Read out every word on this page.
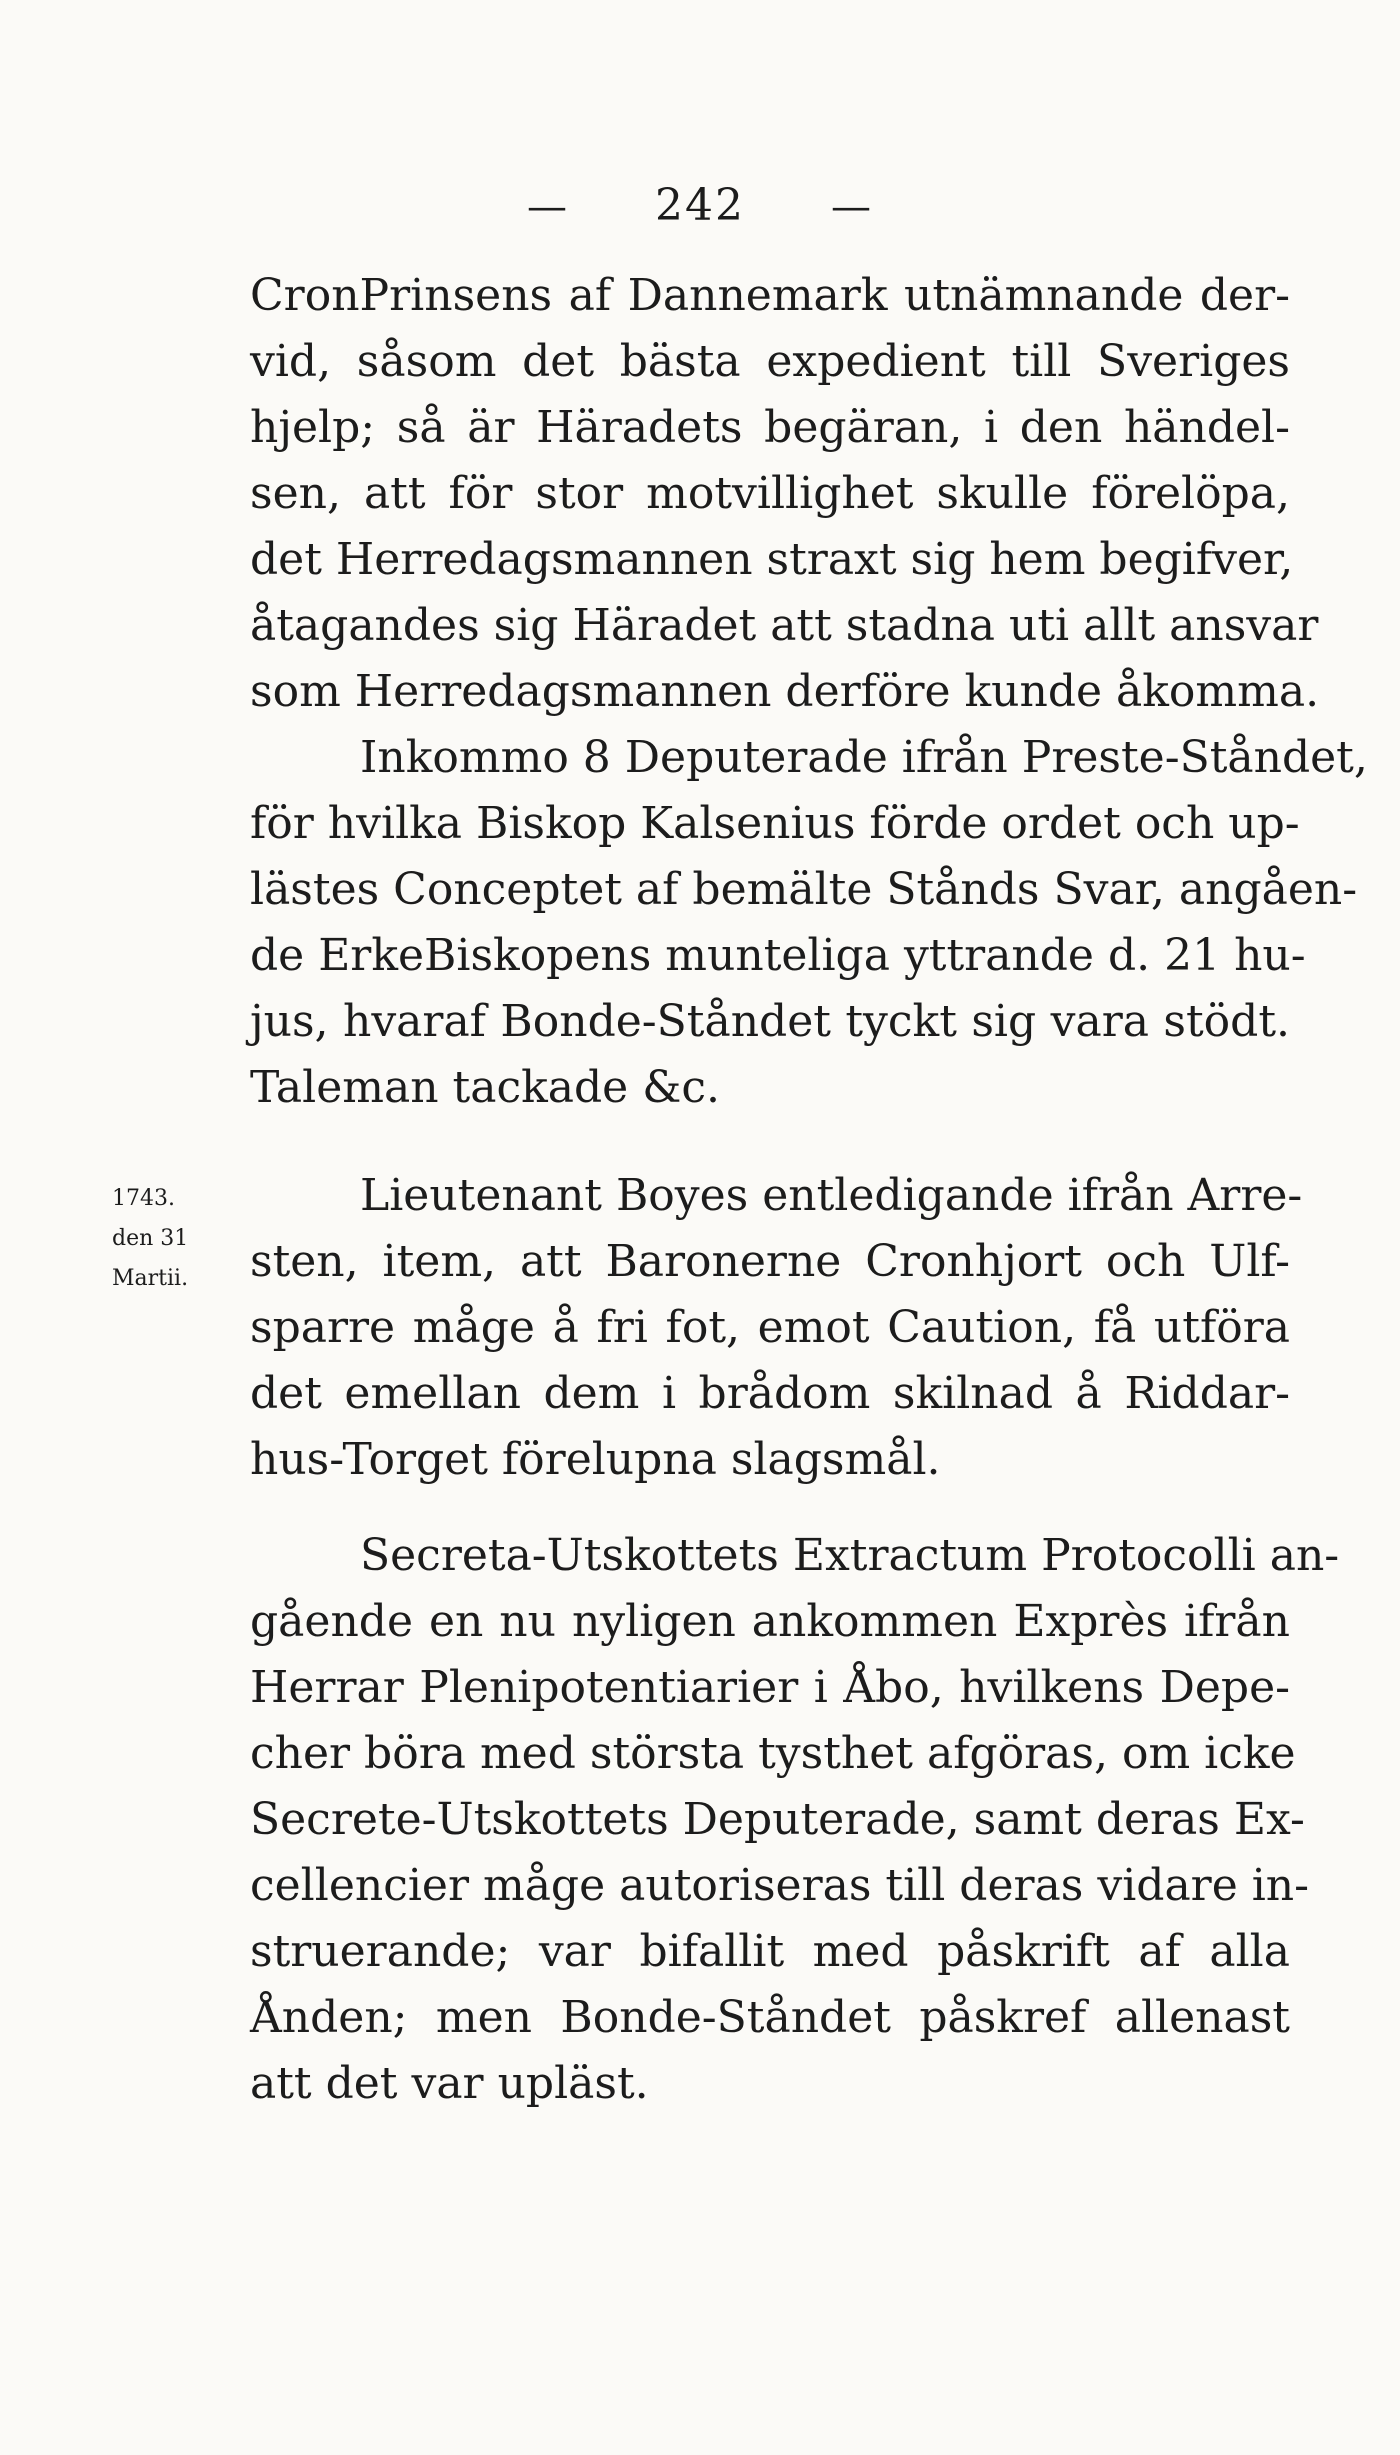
— 242 —
1743.
den 31
Martii.
CronPrinsens af Dannemark utnämnande der-
vid, såsom det bästa expedient till Sveriges
hjelp; så är Häradets begäran, i den händel-
sen, att för stor motvillighet skulle förelöpa,
det Herredagsmannen straxt sig hem begifver,
åtagandes sig Häradet att stadna uti allt ansvar
som Herredagsmannen derföre kunde åkomma.
Inkommo 8 Deputerade ifrån Preste-Ståndet,
för hvilka Biskop Kalsenius förde ordet och up-
lästes Conceptet af bemälte Stånds Svar, angåen-
de ErkeBiskopens munteliga yttrande d. 21 hu-
jus, hvaraf Bonde-Ståndet tyckt sig vara stödt.
Taleman tackade &c.
Lieutenant Boyes entledigande ifrån Arre-
sten, item, att Baronerne Cronhjort och Ulf-
sparre måge å fri fot, emot Caution, få utföra
det emellan dem i brådom skilnad å Riddar-
hus-Torget förelupna slagsmål.
Secreta-Utskottets Extractum Protocolli an-
gående en nu nyligen ankommen Exprès ifrån
Herrar Plenipotentiarier i Åbo, hvilkens Depe-
cher böra med största tysthet afgöras, om icke
Secrete-Utskottets Deputerade, samt deras Ex-
cellencier måge autoriseras till deras vidare in-
struerande; var bifallit med påskrift af alla
Ånden; men Bonde-Ståndet påskref allenast
att det var upläst.
